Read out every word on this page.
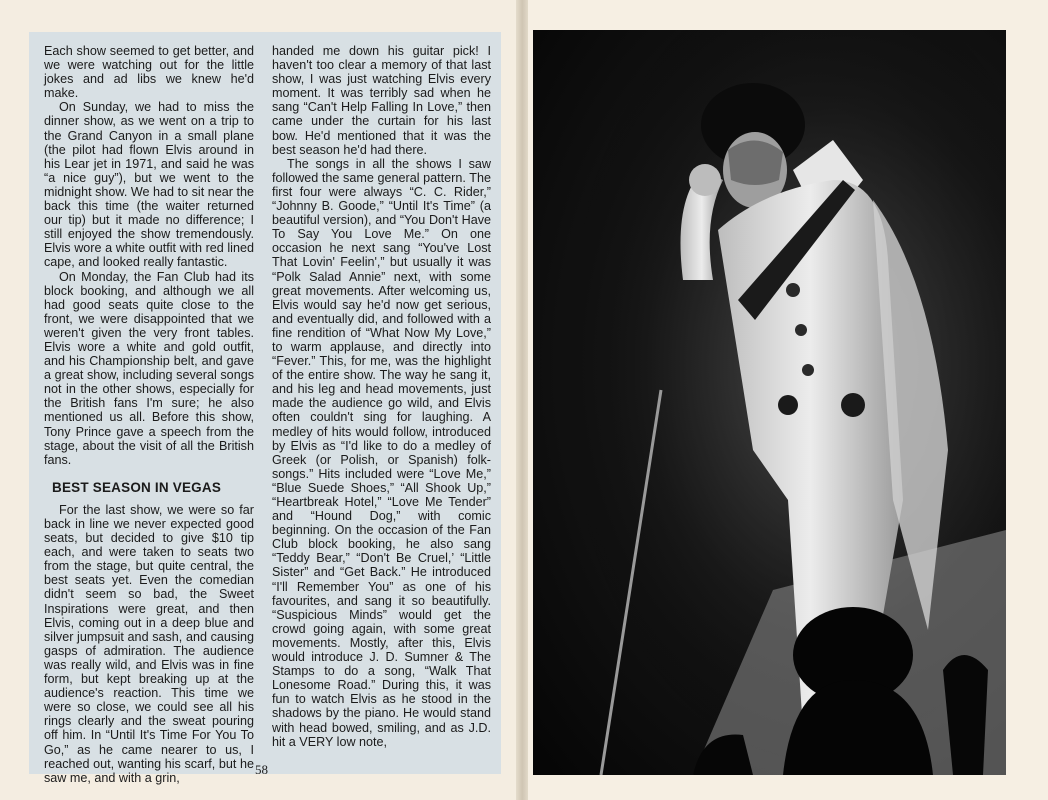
Each show seemed to get better, and we were watching out for the little jokes and ad libs we knew he'd make.

On Sunday, we had to miss the dinner show, as we went on a trip to the Grand Canyon in a small plane (the pilot had flown Elvis around in his Lear jet in 1971, and said he was “a nice guy”), but we went to the midnight show. We had to sit near the back this time (the waiter returned our tip) but it made no difference; I still enjoyed the show tremendously. Elvis wore a white outfit with red lined cape, and looked really fantastic.

On Monday, the Fan Club had its block booking, and although we all had good seats quite close to the front, we were disappointed that we weren't given the very front tables. Elvis wore a white and gold outfit, and his Championship belt, and gave a great show, including several songs not in the other shows, especially for the British fans I'm sure; he also mentioned us all. Before this show, Tony Prince gave a speech from the stage, about the visit of all the British fans.

BEST SEASON IN VEGAS

For the last show, we were so far back in line we never expected good seats, but decided to give $10 tip each, and were taken to seats two from the stage, but quite central, the best seats yet. Even the comedian didn't seem so bad, the Sweet Inspirations were great, and then Elvis, coming out in a deep blue and silver jumpsuit and sash, and causing gasps of admiration. The audience was really wild, and Elvis was in fine form, but kept breaking up at the audience's reaction. This time we were so close, we could see all his rings clearly and the sweat pouring off him. In “Until It's Time For You To Go,” as he came nearer to us, I reached out, wanting his scarf, but he saw me, and with a grin,

handed me down his guitar pick! I haven't too clear a memory of that last show, I was just watching Elvis every moment. It was terribly sad when he sang “Can't Help Falling In Love,” then came under the curtain for his last bow. He'd mentioned that it was the best season he'd had there.

The songs in all the shows I saw followed the same general pattern. The first four were always “C. C. Rider,” “Johnny B. Goode,” “Until It's Time” (a beautiful version), and “You Don't Have To Say You Love Me.” On one occasion he next sang “You've Lost That Lovin' Feelin',” but usually it was “Polk Salad Annie” next, with some great movements. After welcoming us, Elvis would say he'd now get serious, and eventually did, and followed with a fine rendition of “What Now My Love,” to warm applause, and directly into “Fever.” This, for me, was the highlight of the entire show. The way he sang it, and his leg and head movements, just made the audience go wild, and Elvis often couldn't sing for laughing. A medley of hits would follow, introduced by Elvis as “I'd like to do a medley of Greek (or Polish, or Spanish) folk-songs.” Hits included were “Love Me,” “Blue Suede Shoes,” “All Shook Up,” “Heartbreak Hotel,” “Love Me Tender” and “Hound Dog,” with comic beginning. On the occasion of the Fan Club block booking, he also sang “Teddy Bear,” “Don't Be Cruel,’ “Little Sister” and “Get Back.” He introduced “I'll Remember You” as one of his favourites, and sang it so beautifully. “Suspicious Minds” would get the crowd going again, with some great movements. Mostly, after this, Elvis would introduce J. D. Sumner & The Stamps to do a song, “Walk That Lonesome Road.” During this, it was fun to watch Elvis as he stood in the shadows by the piano. He would stand with head bowed, smiling, and as J.D. hit a VERY low note,

58
